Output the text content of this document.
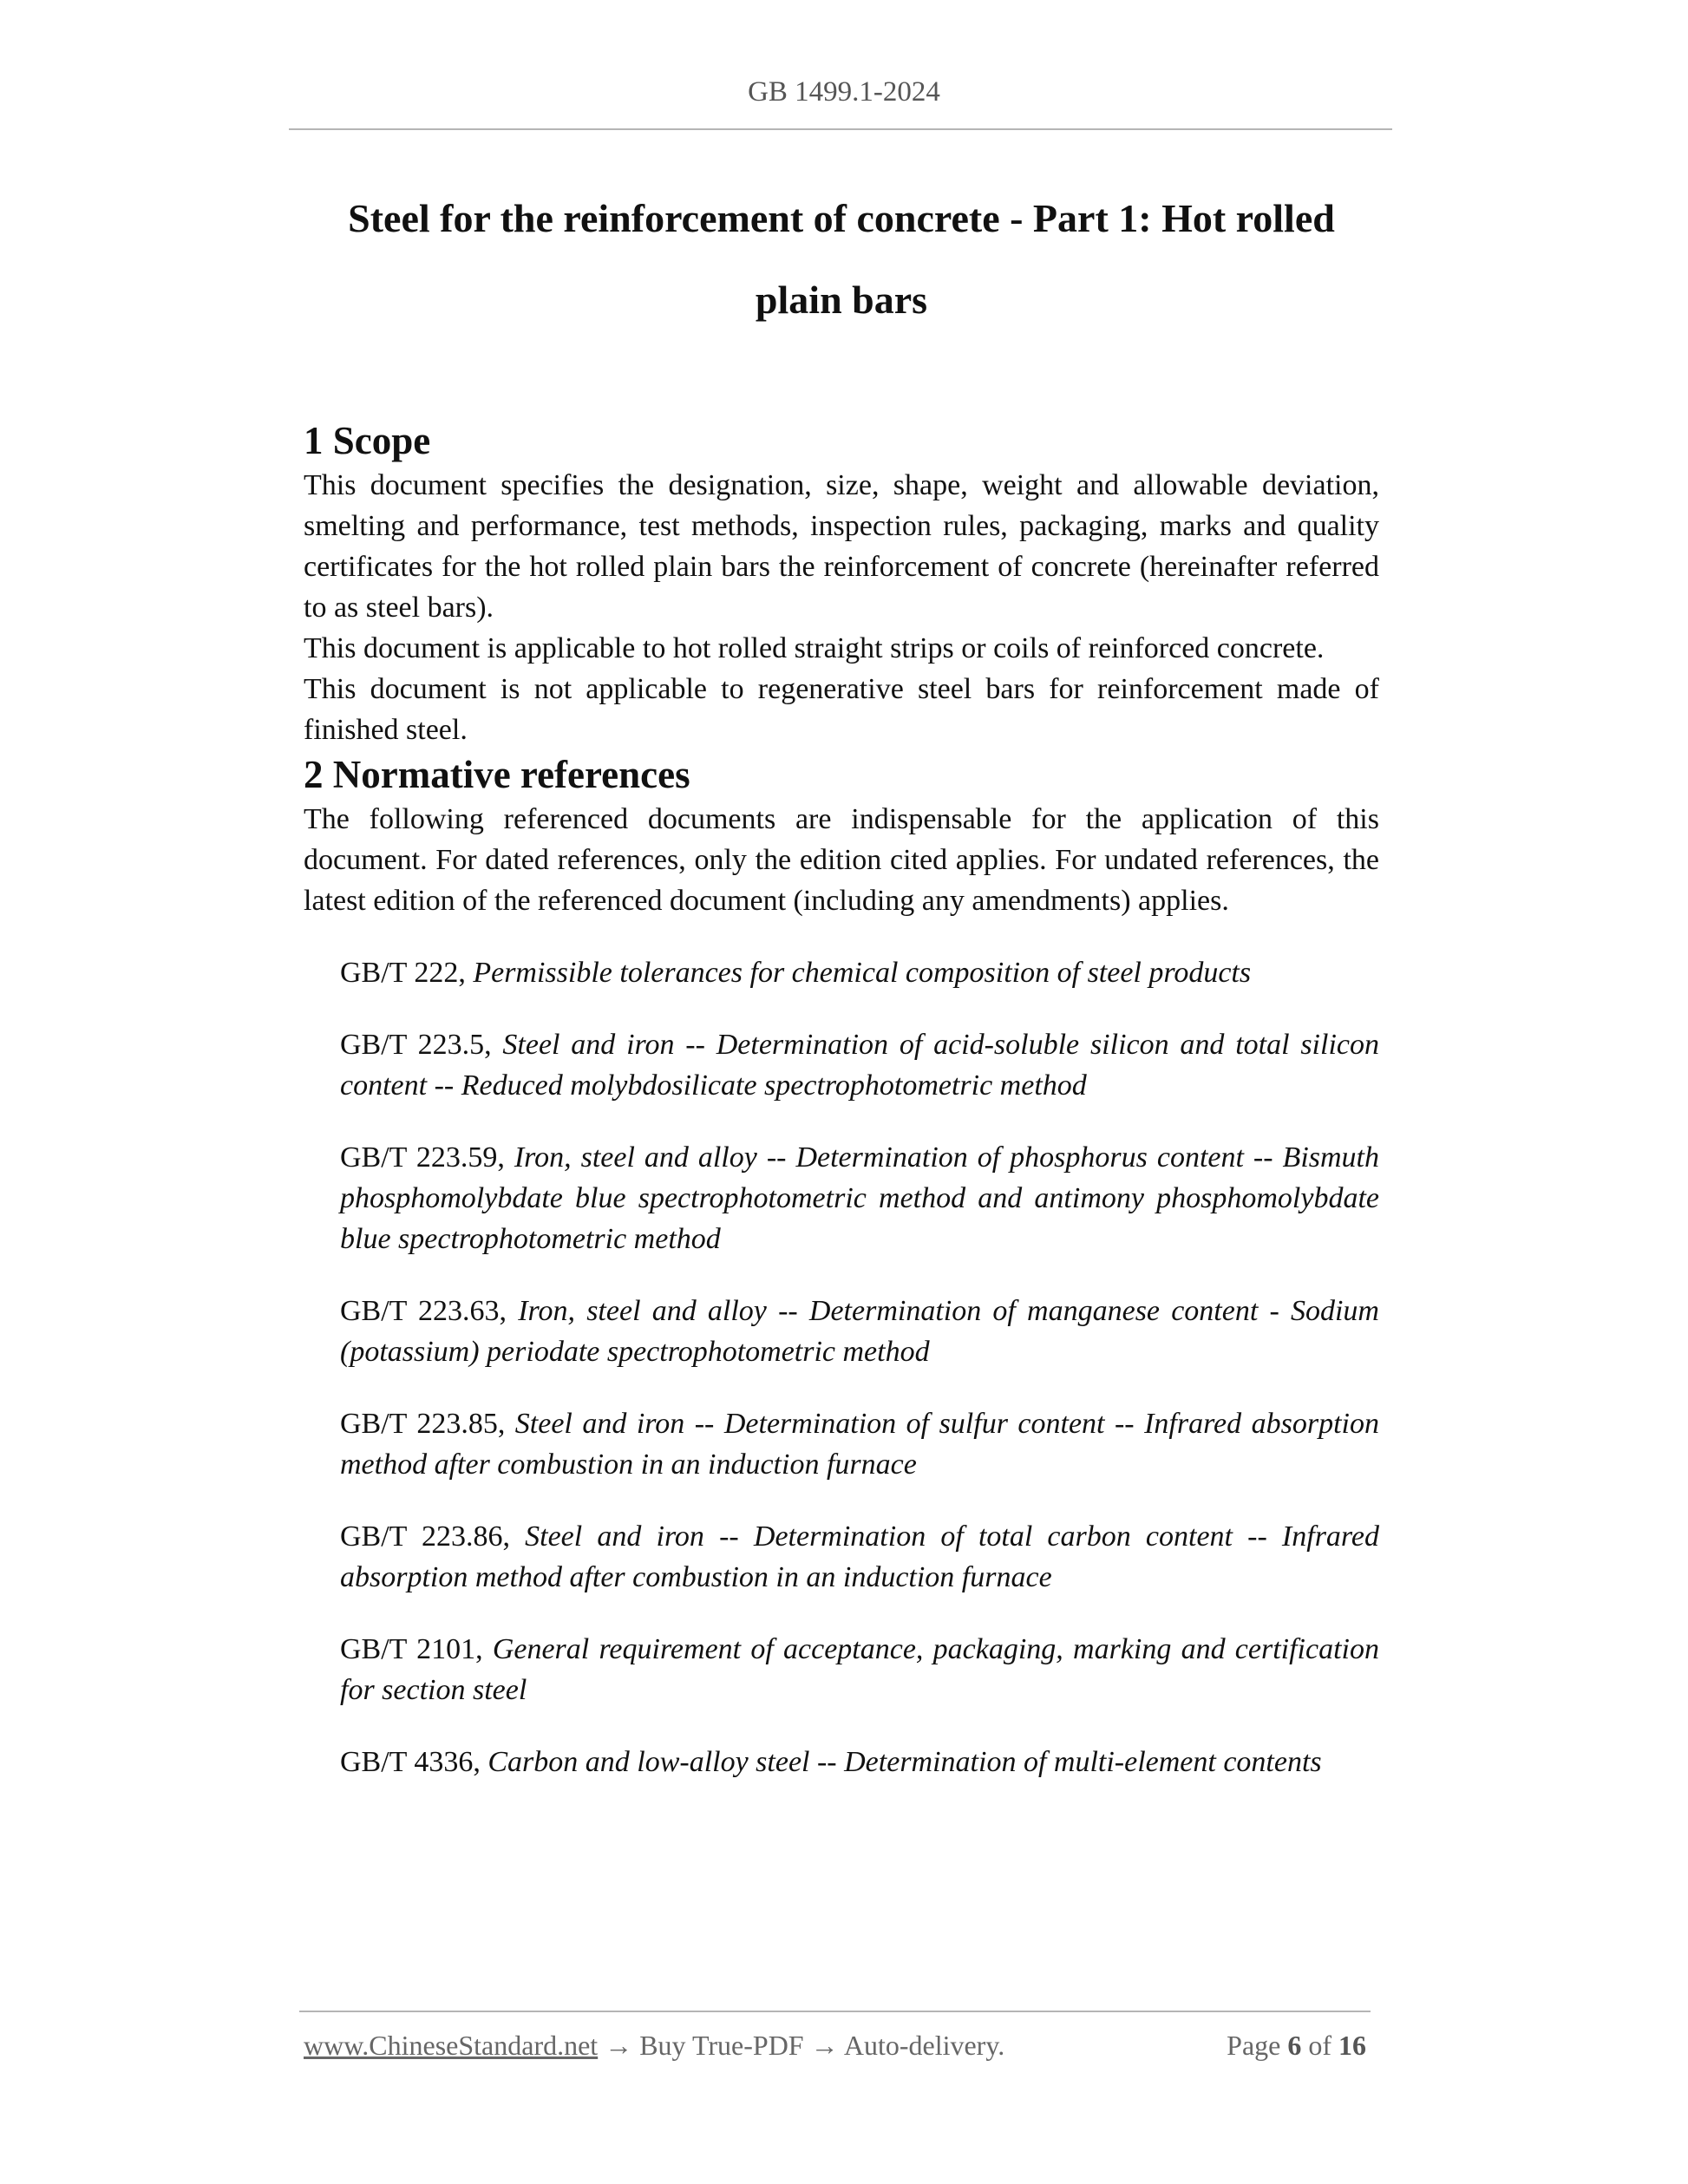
GB 1499.1-2024
Steel for the reinforcement of concrete - Part 1: Hot rolled
plain bars
1 Scope

This document specifies the designation, size, shape, weight and allowable deviation, smelting and performance, test methods, inspection rules, packaging, marks and quality certificates for the hot rolled plain bars the reinforcement of concrete (hereinafter referred to as steel bars).

This document is applicable to hot rolled straight strips or coils of reinforced concrete.

This document is not applicable to regenerative steel bars for reinforcement made of finished steel.

2 Normative references

The following referenced documents are indispensable for the application of this document. For dated references, only the edition cited applies. For undated references, the latest edition of the referenced document (including any amendments) applies.

GB/T 222, Permissible tolerances for chemical composition of steel products

GB/T 223.5, Steel and iron -- Determination of acid-soluble silicon and total silicon content -- Reduced molybdosilicate spectrophotometric method

GB/T 223.59, Iron, steel and alloy -- Determination of phosphorus content -- Bismuth phosphomolybdate blue spectrophotometric method and antimony phosphomolybdate blue spectrophotometric method

GB/T 223.63, Iron, steel and alloy -- Determination of manganese content - Sodium (potassium) periodate spectrophotometric method

GB/T 223.85, Steel and iron -- Determination of sulfur content -- Infrared absorption method after combustion in an induction furnace

GB/T 223.86, Steel and iron -- Determination of total carbon content -- Infrared absorption method after combustion in an induction furnace

GB/T 2101, General requirement of acceptance, packaging, marking and certification for section steel

GB/T 4336, Carbon and low-alloy steel -- Determination of multi-element contents

www.ChineseStandard.net → Buy True-PDF → Auto-delivery.	Page 6 of 16
